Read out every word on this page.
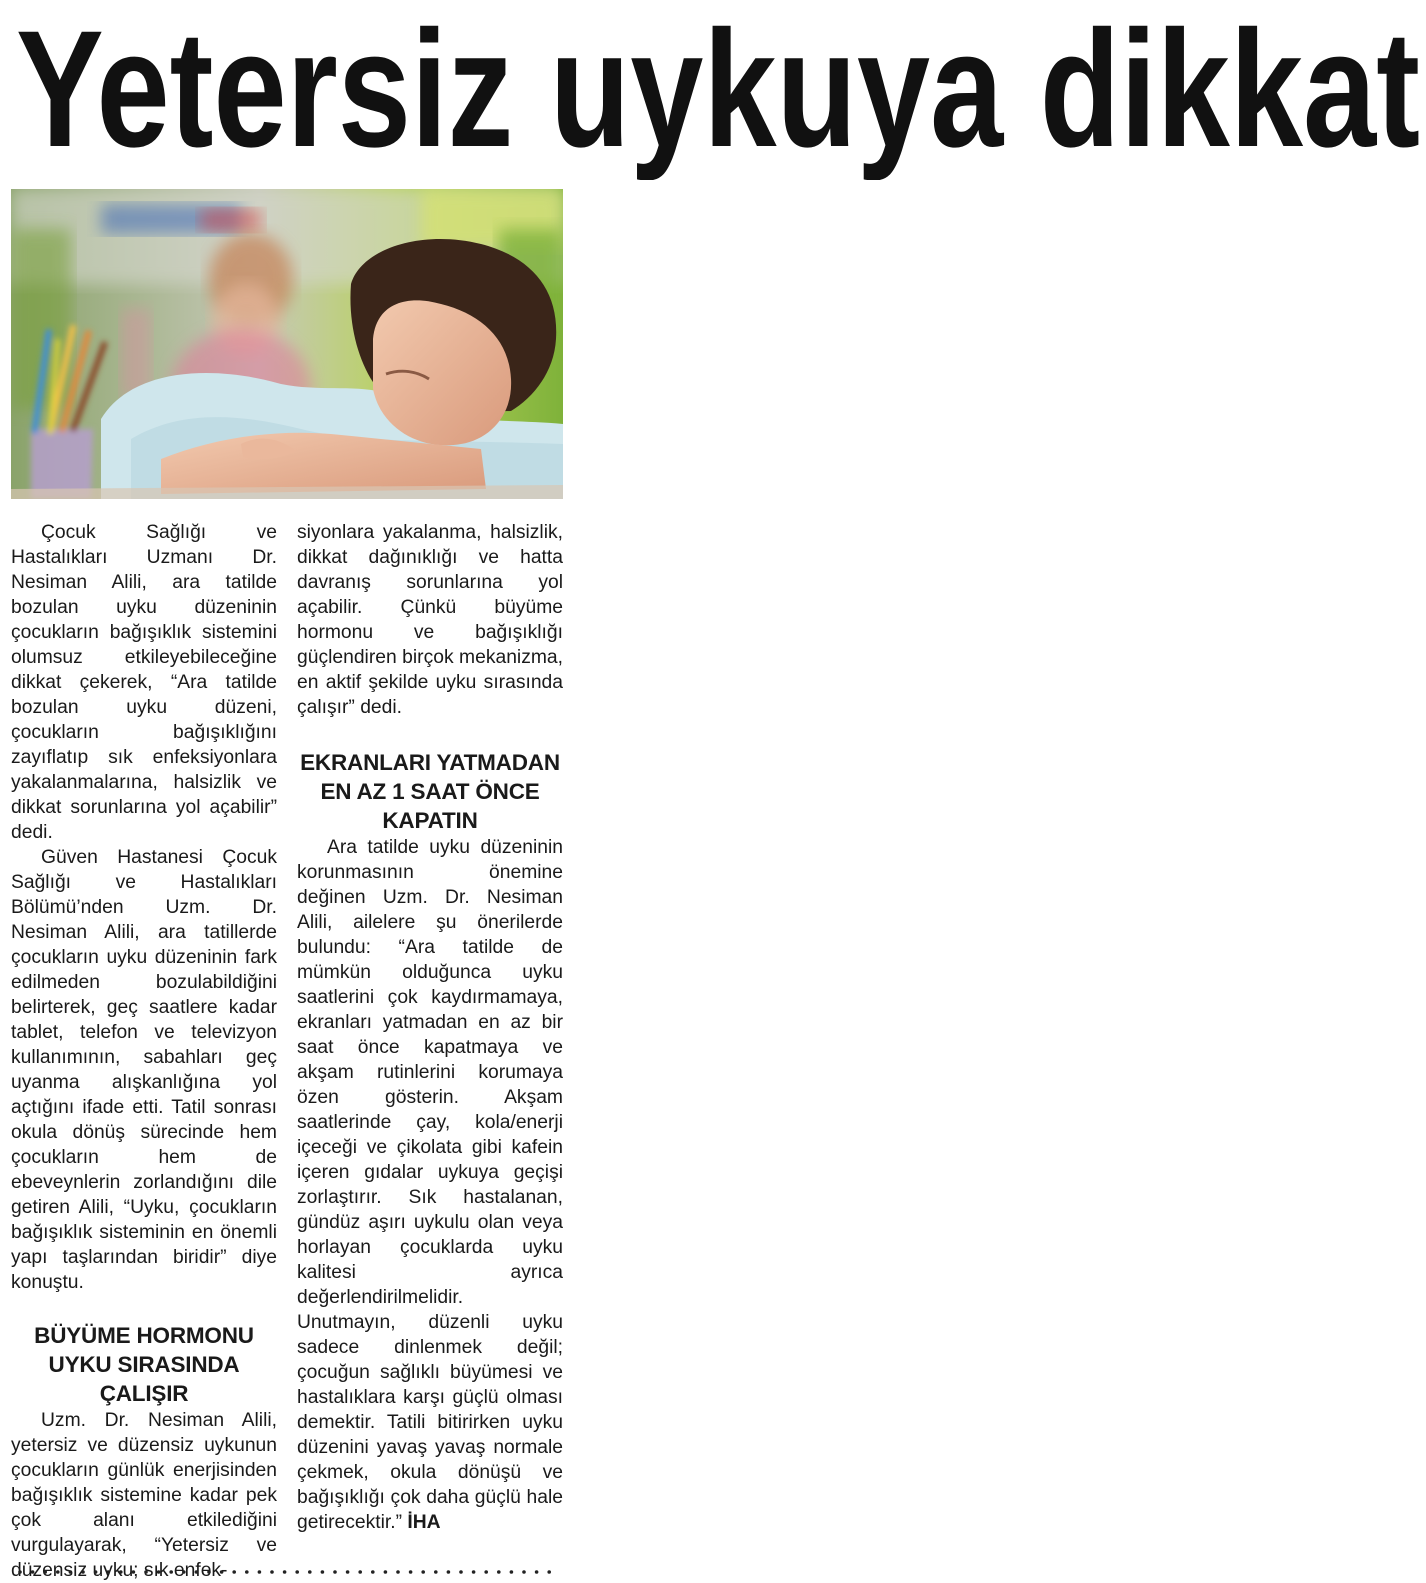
Yetersiz uykuya dikkat

Çocuk Sağlığı ve Hastalıkları Uzmanı Dr. Nesiman Alili, ara tatilde bozulan uyku düzeninin çocukların bağışıklık sistemini olumsuz etkileyebileceğine dikkat çekerek, “Ara tatilde bozulan uyku düzeni, çocukların bağışıklığını zayıflatıp sık enfeksiyonlara yakalanmalarına, halsizlik ve dikkat sorunlarına yol açabilir” dedi.

Güven Hastanesi Çocuk Sağlığı ve Hastalıkları Bölümü’nden Uzm. Dr. Nesiman Alili, ara tatillerde çocukların uyku düzeninin fark edilmeden bozulabildiğini belirterek, geç saatlere kadar tablet, telefon ve televizyon kullanımının, sabahları geç uyanma alışkanlığına yol açtığını ifade etti. Tatil sonrası okula dönüş sürecinde hem çocukların hem de ebeveynlerin zorlandığını dile getiren Alili, “Uyku, çocukların bağışıklık sisteminin en önemli yapı taşlarından biridir” diye konuştu.

BÜYÜME HORMONU UYKU SIRASINDA ÇALIŞIR

Uzm. Dr. Nesiman Alili, yetersiz ve düzensiz uykunun çocukların günlük enerjisinden bağışıklık sistemine kadar pek çok alanı etkilediğini vurgulayarak, “Yetersiz ve düzensiz uyku; sık enfek-

siyonlara yakalanma, halsizlik, dikkat dağınıklığı ve hatta davranış sorunlarına yol açabilir. Çünkü büyüme hormonu ve bağışıklığı güçlendiren birçok mekanizma, en aktif şekilde uyku sırasında çalışır” dedi.

EKRANLARI YATMADAN EN AZ 1 SAAT ÖNCE KAPATIN

Ara tatilde uyku düzeninin korunmasının önemine değinen Uzm. Dr. Nesiman Alili, ailelere şu önerilerde bulundu: “Ara tatilde de mümkün olduğunca uyku saatlerini çok kaydırmamaya, ekranları yatmadan en az bir saat önce kapatmaya ve akşam rutinlerini korumaya özen gösterin. Akşam saatlerinde çay, kola/enerji içeceği ve çikolata gibi kafein içeren gıdalar uykuya geçişi zorlaştırır. Sık hastalanan, gündüz aşırı uykulu olan veya horlayan çocuklarda uyku kalitesi ayrıca değerlendirilmelidir. Unutmayın, düzenli uyku sadece dinlenmek değil; çocuğun sağlıklı büyümesi ve hastalıklara karşı güçlü olması demektir. Tatili bitirirken uyku düzenini yavaş yavaş normale çekmek, okula dönüşü ve bağışıklığı çok daha güçlü hale getirecektir.” İHA
